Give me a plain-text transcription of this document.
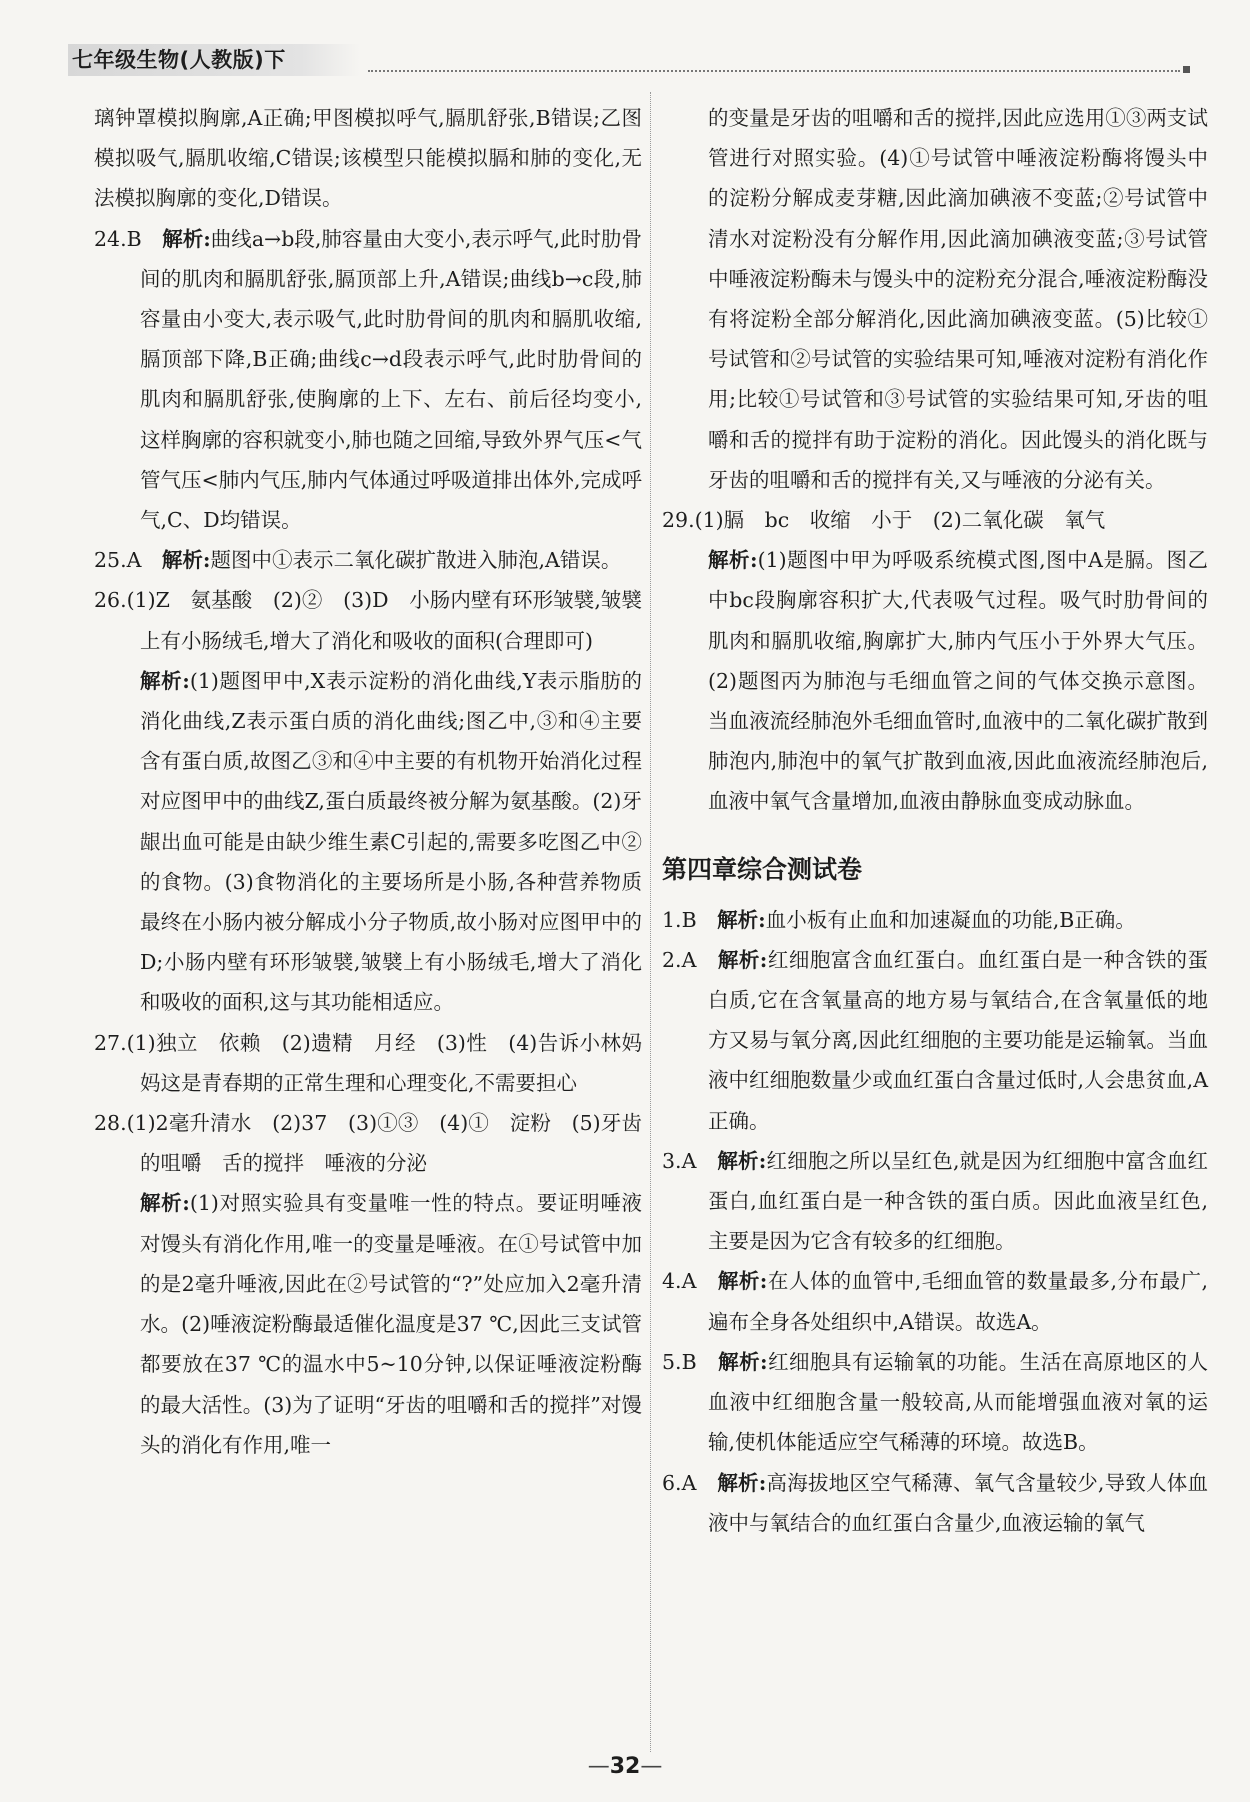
七年级生物(人教版)下

璃钟罩模拟胸廓,A正确;甲图模拟呼气,膈肌舒张,B错误;乙图模拟吸气,膈肌收缩,C错误;该模型只能模拟膈和肺的变化,无法模拟胸廓的变化,D错误。

24.B　 解析:曲线a→b段,肺容量由大变小,表示呼气,此时肋骨间的肌肉和膈肌舒张,膈顶部上升,A错误;曲线b→c段,肺容量由小变大,表示吸气,此时肋骨间的肌肉和膈肌收缩,膈顶部下降,B正确;曲线c→d段表示呼气,此时肋骨间的肌肉和膈肌舒张,使胸廓的上下、左右、前后径均变小,这样胸廓的容积就变小,肺也随之回缩,导致外界气压<气管气压<肺内气压,肺内气体通过呼吸道排出体外,完成呼气,C、D均错误。

25.A　 解析:题图中①表示二氧化碳扩散进入肺泡,A错误。

26.(1)Z　氨基酸　(2)②　(3)D　小肠内壁有环形皱襞,皱襞上有小肠绒毛,增大了消化和吸收的面积(合理即可)

解析:(1)题图甲中,X表示淀粉的消化曲线,Y表示脂肪的消化曲线,Z表示蛋白质的消化曲线;图乙中,③和④主要含有蛋白质,故图乙③和④中主要的有机物开始消化过程对应图甲中的曲线Z,蛋白质最终被分解为氨基酸。(2)牙龈出血可能是由缺少维生素C引起的,需要多吃图乙中②的食物。(3)食物消化的主要场所是小肠,各种营养物质最终在小肠内被分解成小分子物质,故小肠对应图甲中的D;小肠内壁有环形皱襞,皱襞上有小肠绒毛,增大了消化和吸收的面积,这与其功能相适应。

27.(1)独立　依赖　(2)遗精　月经　(3)性　(4)告诉小林妈妈这是青春期的正常生理和心理变化,不需要担心

28.(1)2毫升清水　(2)37　(3)①③　(4)①　淀粉　(5)牙齿的咀嚼　舌的搅拌　唾液的分泌

解析:(1)对照实验具有变量唯一性的特点。要证明唾液对馒头有消化作用,唯一的变量是唾液。在①号试管中加的是2毫升唾液,因此在②号试管的“?”处应加入2毫升清水。(2)唾液淀粉酶最适催化温度是37 ℃,因此三支试管都要放在37 ℃的温水中5~10分钟,以保证唾液淀粉酶的最大活性。(3)为了证明“牙齿的咀嚼和舌的搅拌”对馒头的消化有作用,唯一

的变量是牙齿的咀嚼和舌的搅拌,因此应选用①③两支试管进行对照实验。(4)①号试管中唾液淀粉酶将馒头中的淀粉分解成麦芽糖,因此滴加碘液不变蓝;②号试管中清水对淀粉没有分解作用,因此滴加碘液变蓝;③号试管中唾液淀粉酶未与馒头中的淀粉充分混合,唾液淀粉酶没有将淀粉全部分解消化,因此滴加碘液变蓝。(5)比较①号试管和②号试管的实验结果可知,唾液对淀粉有消化作用;比较①号试管和③号试管的实验结果可知,牙齿的咀嚼和舌的搅拌有助于淀粉的消化。因此馒头的消化既与牙齿的咀嚼和舌的搅拌有关,又与唾液的分泌有关。

29.(1)膈　bc　收缩　小于　(2)二氧化碳　氧气

解析:(1)题图中甲为呼吸系统模式图,图中A是膈。图乙中bc段胸廓容积扩大,代表吸气过程。吸气时肋骨间的肌肉和膈肌收缩,胸廓扩大,肺内气压小于外界大气压。(2)题图丙为肺泡与毛细血管之间的气体交换示意图。当血液流经肺泡外毛细血管时,血液中的二氧化碳扩散到肺泡内,肺泡中的氧气扩散到血液,因此血液流经肺泡后,血液中氧气含量增加,血液由静脉血变成动脉血。

第四章综合测试卷

1.B　 解析:血小板有止血和加速凝血的功能,B正确。

2.A　 解析:红细胞富含血红蛋白。血红蛋白是一种含铁的蛋白质,它在含氧量高的地方易与氧结合,在含氧量低的地方又易与氧分离,因此红细胞的主要功能是运输氧。当血液中红细胞数量少或血红蛋白含量过低时,人会患贫血,A正确。

3.A　 解析:红细胞之所以呈红色,就是因为红细胞中富含血红蛋白,血红蛋白是一种含铁的蛋白质。因此血液呈红色,主要是因为它含有较多的红细胞。

4.A　 解析:在人体的血管中,毛细血管的数量最多,分布最广,遍布全身各处组织中,A错误。故选A。

5.B　 解析:红细胞具有运输氧的功能。生活在高原地区的人血液中红细胞含量一般较高,从而能增强血液对氧的运输,使机体能适应空气稀薄的环境。故选B。

6.A　 解析:高海拔地区空气稀薄、氧气含量较少,导致人体血液中与氧结合的血红蛋白含量少,血液运输的氧气

—32—
